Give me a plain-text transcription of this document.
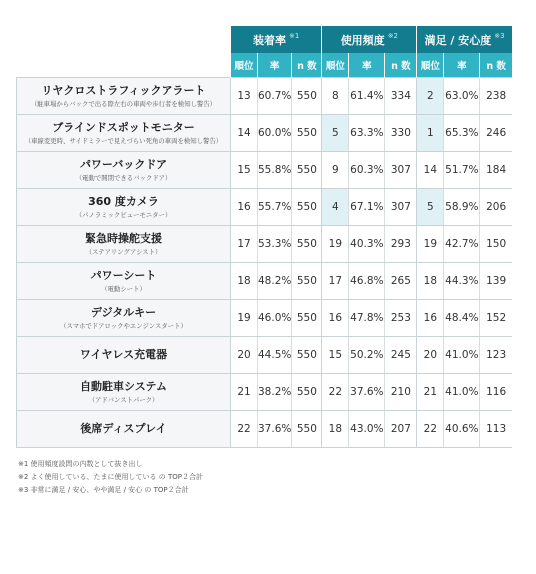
	装着率 $^{※1}$			使用頻度 $^{※2}$			満足 / 安心度 $^{※3}$
	順位	率	n 数	順位	率	n 数	順位	率	n 数

リヤクロストラフィックアラート
（駐車場からバックで出る際左右の車両や歩行者を検知し警告）	13	60.7%	550	8	61.4%	334	2	63.0%	238

ブラインドスポットモニター
（車線変更時、サイドミラーで見えづらい死角の車両を検知し警告）	14	60.0%	550	5	63.3%	330	1	65.3%	246

パワーバックドア
（電動で開閉できるバックドア）	15	55.8%	550	9	60.3%	307	14	51.7%	184

360 度カメラ
（パノラミックビューモニター）	16	55.7%	550	4	67.1%	307	5	58.9%	206

緊急時操舵支援
（ステアリングアシスト）	17	53.3%	550	19	40.3%	293	19	42.7%	150

パワーシート
（電動シート）	18	48.2%	550	17	46.8%	265	18	44.3%	139

デジタルキー
（スマホでドアロックやエンジンスタート）	19	46.0%	550	16	47.8%	253	16	48.4%	152

ワイヤレス充電器	20	44.5%	550	15	50.2%	245	20	41.0%	123

自動駐車システム
（アドバンストパーク）	21	38.2%	550	22	37.6%	210	21	41.0%	116

後席ディスプレイ	22	37.6%	550	18	43.0%	207	22	40.6%	113
※1 使用頻度設問の内数として抜き出し
※2 よく使用している、たまに使用している の TOP２合計
※3 非常に満足 / 安心、やや満足 / 安心 の TOP２合計
